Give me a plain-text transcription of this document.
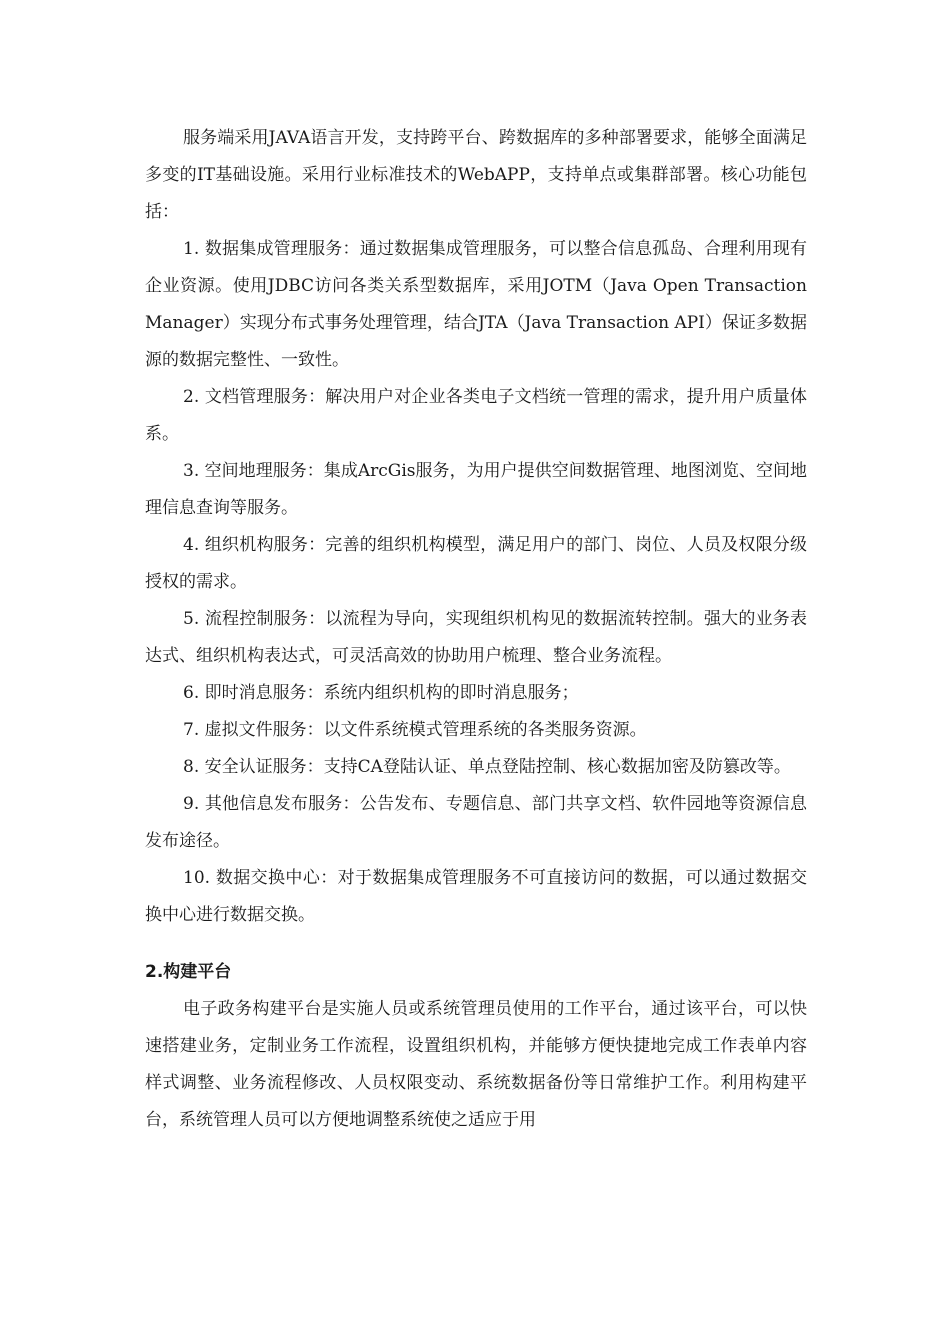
服务端采用JAVA语言开发，支持跨平台、跨数据库的多种部署要求，能够全面满足多变的IT基础设施。采用行业标准技术的WebAPP，支持单点或集群部署。核心功能包括：

1. 数据集成管理服务：通过数据集成管理服务，可以整合信息孤岛、合理利用现有企业资源。使用JDBC访问各类关系型数据库，采用JOTM（Java Open Transaction Manager）实现分布式事务处理管理，结合JTA（Java Transaction API）保证多数据源的数据完整性、一致性。

2. 文档管理服务：解决用户对企业各类电子文档统一管理的需求，提升用户质量体系。

3. 空间地理服务：集成ArcGis服务，为用户提供空间数据管理、地图浏览、空间地理信息查询等服务。

4. 组织机构服务：完善的组织机构模型，满足用户的部门、岗位、人员及权限分级授权的需求。

5. 流程控制服务：以流程为导向，实现组织机构见的数据流转控制。强大的业务表达式、组织机构表达式，可灵活高效的协助用户梳理、整合业务流程。

6. 即时消息服务：系统内组织机构的即时消息服务；

7. 虚拟文件服务：以文件系统模式管理系统的各类服务资源。

8. 安全认证服务：支持CA登陆认证、单点登陆控制、核心数据加密及防篡改等。

9. 其他信息发布服务：公告发布、专题信息、部门共享文档、软件园地等资源信息发布途径。

10. 数据交换中心：对于数据集成管理服务不可直接访问的数据，可以通过数据交换中心进行数据交换。

2.构建平台

电子政务构建平台是实施人员或系统管理员使用的工作平台，通过该平台，可以快速搭建业务，定制业务工作流程，设置组织机构，并能够方便快捷地完成工作表单内容样式调整、业务流程修改、人员权限变动、系统数据备份等日常维护工作。利用构建平台，系统管理人员可以方便地调整系统使之适应于用
